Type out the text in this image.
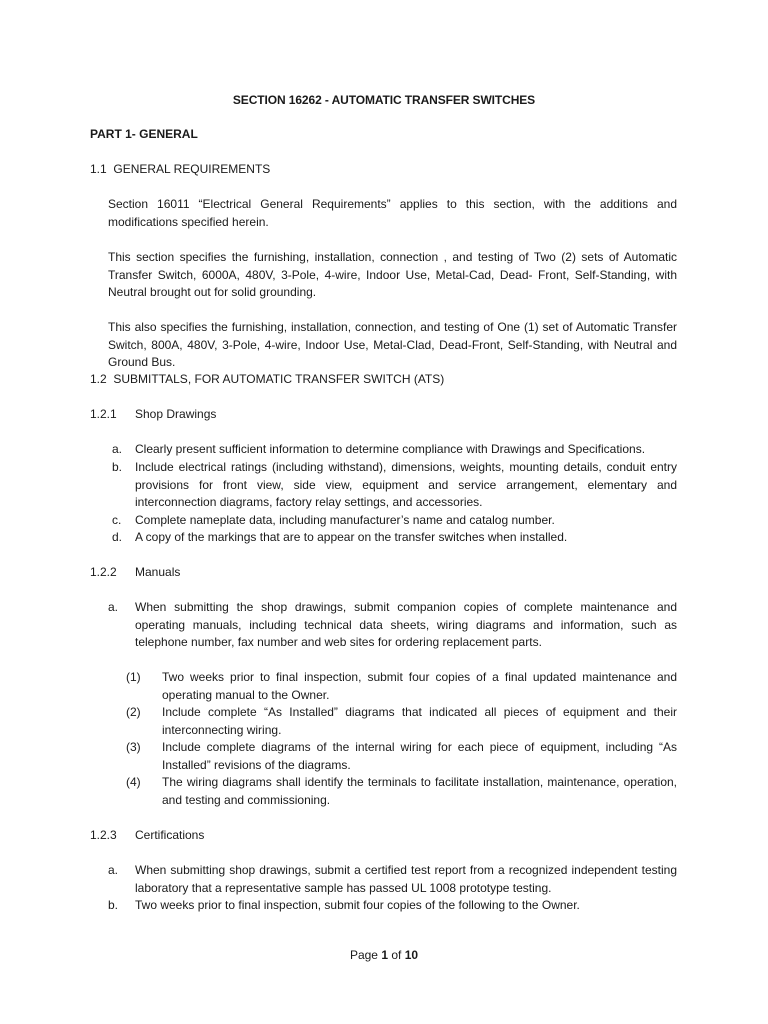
SECTION 16262 - AUTOMATIC TRANSFER SWITCHES
PART 1- GENERAL
1.1 GENERAL REQUIREMENTS
Section 16011 “Electrical General Requirements” applies to this section, with the additions and modifications specified herein.
This section specifies the furnishing, installation, connection , and testing of Two (2) sets of Automatic Transfer Switch, 6000A, 480V, 3-Pole, 4-wire, Indoor Use, Metal-Cad, Dead- Front, Self-Standing, with Neutral brought out for solid grounding.
This also specifies the furnishing, installation, connection, and testing of One (1) set of Automatic Transfer Switch, 800A, 480V, 3-Pole, 4-wire, Indoor Use, Metal-Clad, Dead-Front, Self-Standing, with Neutral and Ground Bus.
1.2 SUBMITTALS, FOR AUTOMATIC TRANSFER SWITCH (ATS)
1.2.1 Shop Drawings
a. Clearly present sufficient information to determine compliance with Drawings and Specifications.
b. Include electrical ratings (including withstand), dimensions, weights, mounting details, conduit entry provisions for front view, side view, equipment and service arrangement, elementary and interconnection diagrams, factory relay settings, and accessories.
c. Complete nameplate data, including manufacturer’s name and catalog number.
d. A copy of the markings that are to appear on the transfer switches when installed.
1.2.2 Manuals
a. When submitting the shop drawings, submit companion copies of complete maintenance and operating manuals, including technical data sheets, wiring diagrams and information, such as telephone number, fax number and web sites for ordering replacement parts.
(1) Two weeks prior to final inspection, submit four copies of a final updated maintenance and operating manual to the Owner.
(2) Include complete “As Installed” diagrams that indicated all pieces of equipment and their interconnecting wiring.
(3) Include complete diagrams of the internal wiring for each piece of equipment, including “As Installed” revisions of the diagrams.
(4) The wiring diagrams shall identify the terminals to facilitate installation, maintenance, operation, and testing and commissioning.
1.2.3 Certifications
a. When submitting shop drawings, submit a certified test report from a recognized independent testing laboratory that a representative sample has passed UL 1008 prototype testing.
b. Two weeks prior to final inspection, submit four copies of the following to the Owner.
Page 1 of 10
